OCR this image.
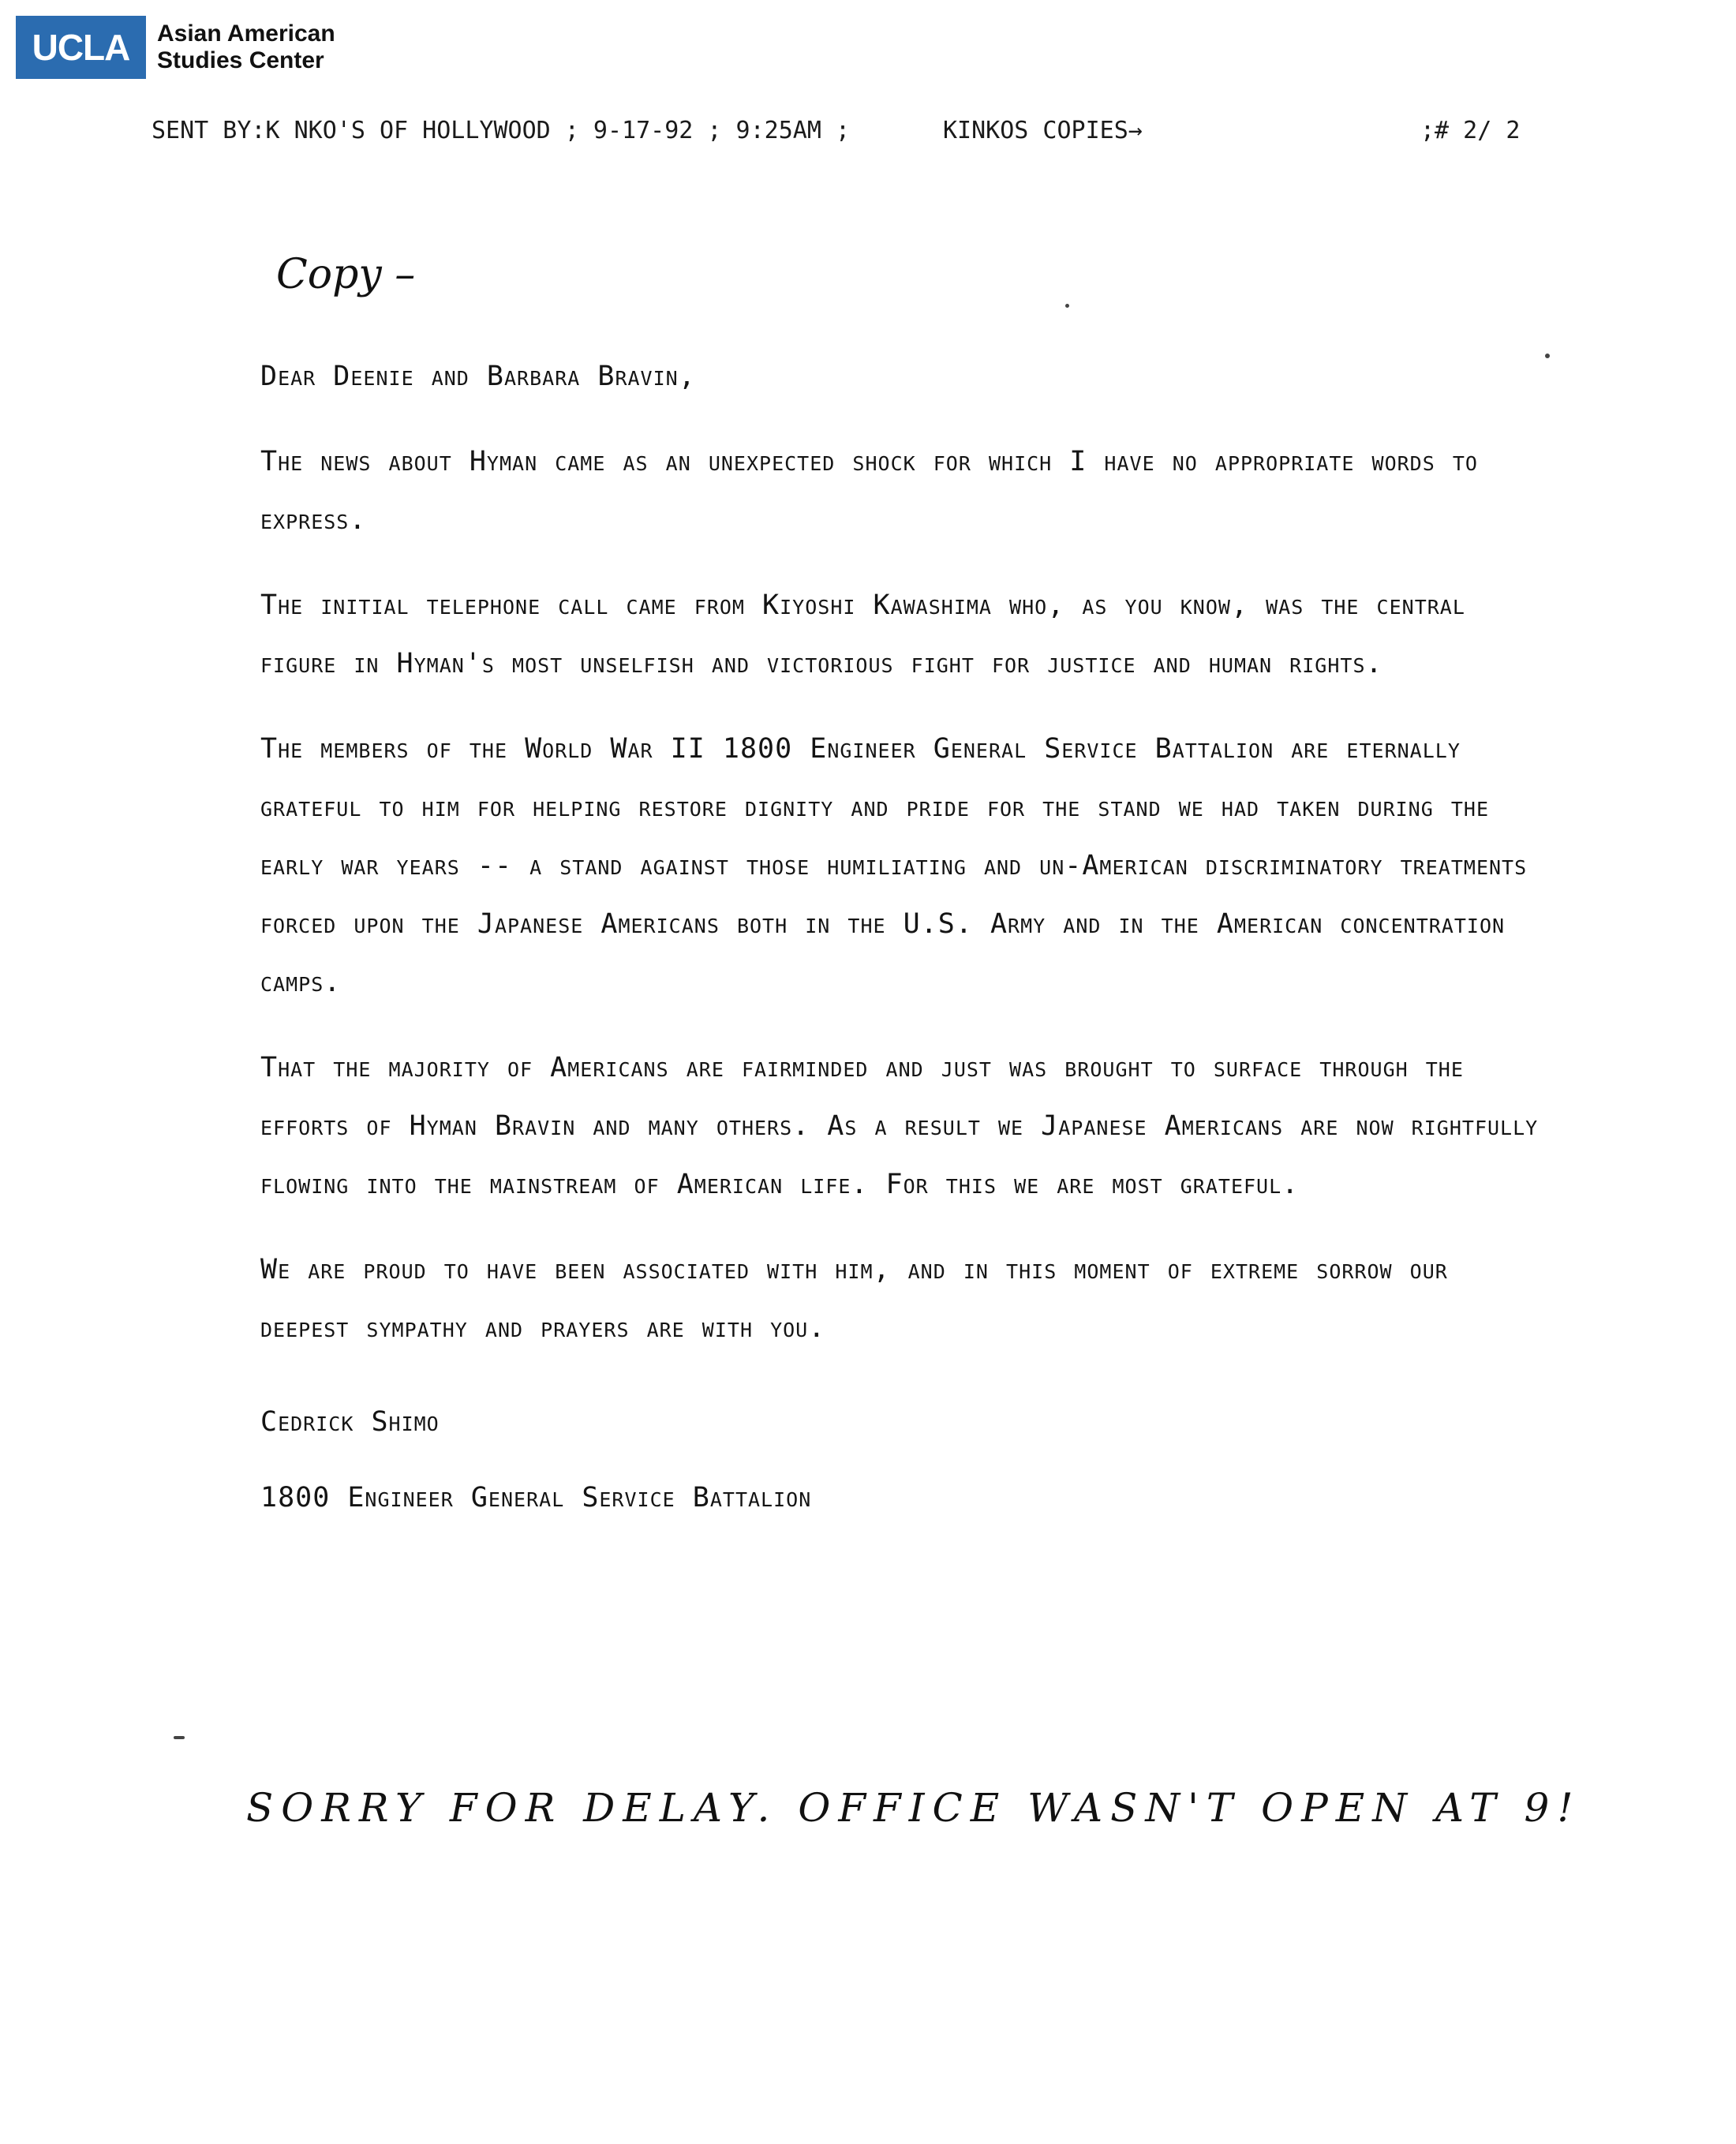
UCLA	Asian American
Studies Center
SENT BY:K NKO'S OF HOLLYWOOD ; 9-17-92 ; 9:25AM ;	KINKOS COPIES→	;# 2/ 2
Copy –

Dear Deenie and Barbara Bravin,

The news about Hyman came as an unexpected shock for which I have no appropriate words to express.

The initial telephone call came from Kiyoshi Kawashima who, as you know, was the central figure in Hyman's most unselfish and victorious fight for justice and human rights.

The members of the World War II 1800 Engineer General Service Battalion are eternally grateful to him for helping restore dignity and pride for the stand we had taken during the early war years -- a stand against those humiliating and un-American discriminatory treatments forced upon the Japanese Americans both in the U.S. Army and in the American concentration camps.

That the majority of Americans are fairminded and just was brought to surface through the efforts of Hyman Bravin and many others. As a result we Japanese Americans are now rightfully flowing into the mainstream of American life. For this we are most grateful.

We are proud to have been associated with him, and in this moment of extreme sorrow our deepest sympathy and prayers are with you.

Cedrick Shimo
1800 Engineer General Service Battalion
SORRY FOR DELAY. OFFICE WASN'T OPEN AT 9!
